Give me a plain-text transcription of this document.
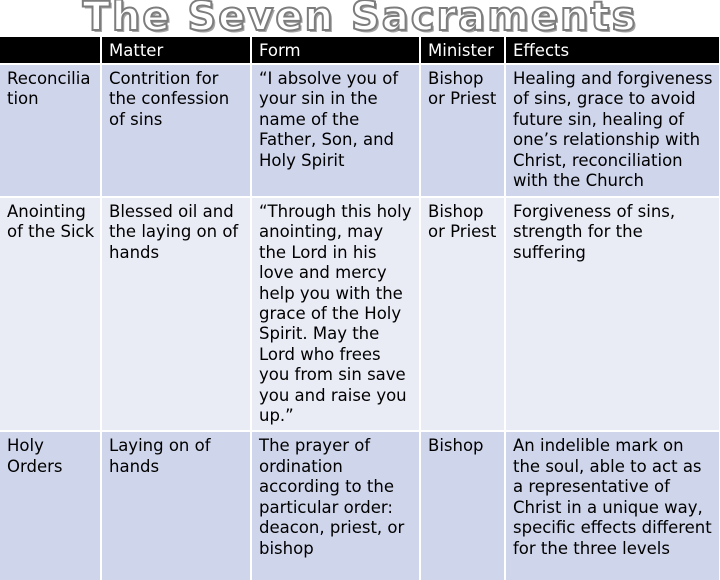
The Seven Sacraments
	Matter	Form	Minister	Effects
Reconcilia tion	Contrition for the confession of sins	“I absolve you of your sin in the name of the Father, Son, and Holy Spirit	Bishop or Priest	Healing and forgiveness of sins, grace to avoid future sin, healing of one’s relationship with Christ, reconciliation with the Church
Anointing of the Sick	Blessed oil and the laying on of hands	“Through this holy anointing, may the Lord in his love and mercy help you with the grace of the Holy Spirit. May the Lord who frees you from sin save you and raise you up.”	Bishop or Priest	Forgiveness of sins, strength for the suffering
Holy Orders	Laying on of hands	The prayer of ordination according to the particular order: deacon, priest, or bishop	Bishop	An indelible mark on the soul, able to act as a representative of Christ in a unique way, specific effects different for the three levels
